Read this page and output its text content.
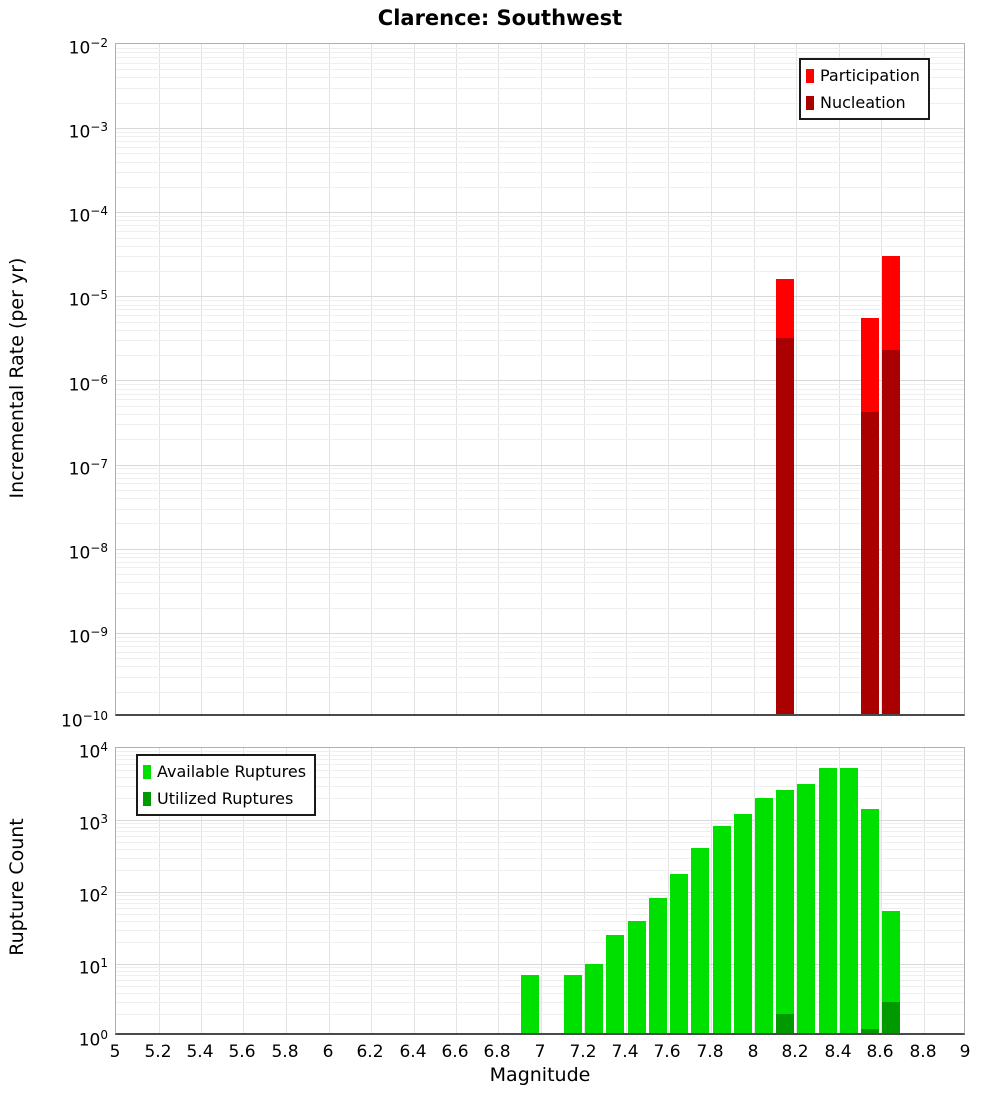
Clarence: Southwest
Incremental Rate (per yr)
Rupture Count
Magnitude
Participation
Nucleation
Available Ruptures
Utilized Ruptures
$10^{-2}$
$10^{-3}$
$10^{-4}$
$10^{-5}$
$10^{-6}$
$10^{-7}$
$10^{-8}$
$10^{-9}$
$10^{-10}$
$10^4$
$10^3$
$10^2$
$10^1$
$10^0$
5	5.2 5.4 5.6 5.8	6	6.2 6.4 6.6 6.8	7	7.2 7.4 7.6 7.8	8	8.2 8.4 8.6 8.8	9
